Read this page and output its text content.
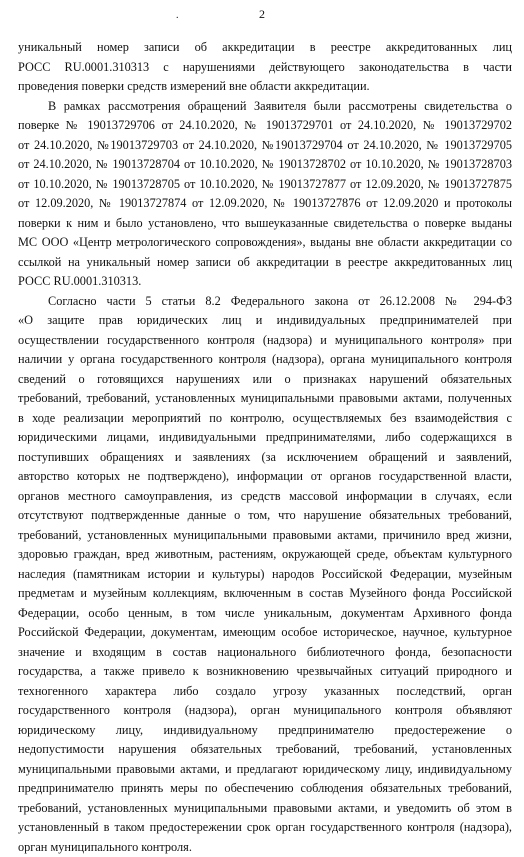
2
.

уникальный номер записи об аккредитации в реестре аккредитованных лиц
РОСС RU.0001.310313 с нарушениями действующего законодательства в части
проведения поверки средств измерений вне области аккредитации.

В рамках рассмотрения обращений Заявителя были рассмотрены свидетельства о
поверке № 19013729706 от 24.10.2020, № 19013729701 от 24.10.2020, № 19013729702
от 24.10.2020, №19013729703 от 24.10.2020, №19013729704 от 24.10.2020, № 19013729705
от 24.10.2020, № 19013728704 от 10.10.2020, № 19013728702 от 10.10.2020, № 19013728703
от 10.10.2020, № 19013728705 от 10.10.2020, № 19013727877 от 12.09.2020, № 19013727875
от 12.09.2020, № 19013727874 от 12.09.2020, № 19013727876 от 12.09.2020 и протоколы
поверки к ним и было установлено, что вышеуказанные свидетельства о поверке выданы
МС ООО «Центр метрологического сопровождения», выданы вне области аккредитации со
ссылкой на уникальный номер записи об аккредитации в реестре аккредитованных лиц
РОСС RU.0001.310313.

Согласно части 5 статьи 8.2 Федерального закона от 26.12.2008 № 294-ФЗ
«О защите прав юридических лиц и индивидуальных предпринимателей при
осуществлении государственного контроля (надзора) и муниципального контроля» при
наличии у органа государственного контроля (надзора), органа муниципального контроля
сведений о готовящихся нарушениях или о признаках нарушений обязательных
требований, требований, установленных муниципальными правовыми актами, полученных
в ходе реализации мероприятий по контролю, осуществляемых без взаимодействия с
юридическими лицами, индивидуальными предпринимателями, либо содержащихся в
поступивших обращениях и заявлениях (за исключением обращений и заявлений,
авторство которых не подтверждено), информации от органов государственной власти,
органов местного самоуправления, из средств массовой информации в случаях, если
отсутствуют подтвержденные данные о том, что нарушение обязательных требований,
требований, установленных муниципальными правовыми актами, причинило вред жизни,
здоровью граждан, вред животным, растениям, окружающей среде, объектам культурного
наследия (памятникам истории и культуры) народов Российской Федерации, музейным
предметам и музейным коллекциям, включенным в состав Музейного фонда Российской
Федерации, особо ценным, в том числе уникальным, документам Архивного фонда
Российской Федерации, документам, имеющим особое историческое, научное, культурное
значение и входящим в состав национального библиотечного фонда, безопасности
государства, а также привело к возникновению чрезвычайных ситуаций природного и
техногенного характера либо создало угрозу указанных последствий, орган
государственного контроля (надзора), орган муниципального контроля объявляют
юридическому лицу, индивидуальному предпринимателю предостережение о
недопустимости нарушения обязательных требований, требований, установленных
муниципальными правовыми актами, и предлагают юридическому лицу, индивидуальному
предпринимателю принять меры по обеспечению соблюдения обязательных требований,
требований, установленных муниципальными правовыми актами, и уведомить об этом в
установленный в таком предостережении срок орган государственного контроля (надзора),
орган муниципального контроля.
